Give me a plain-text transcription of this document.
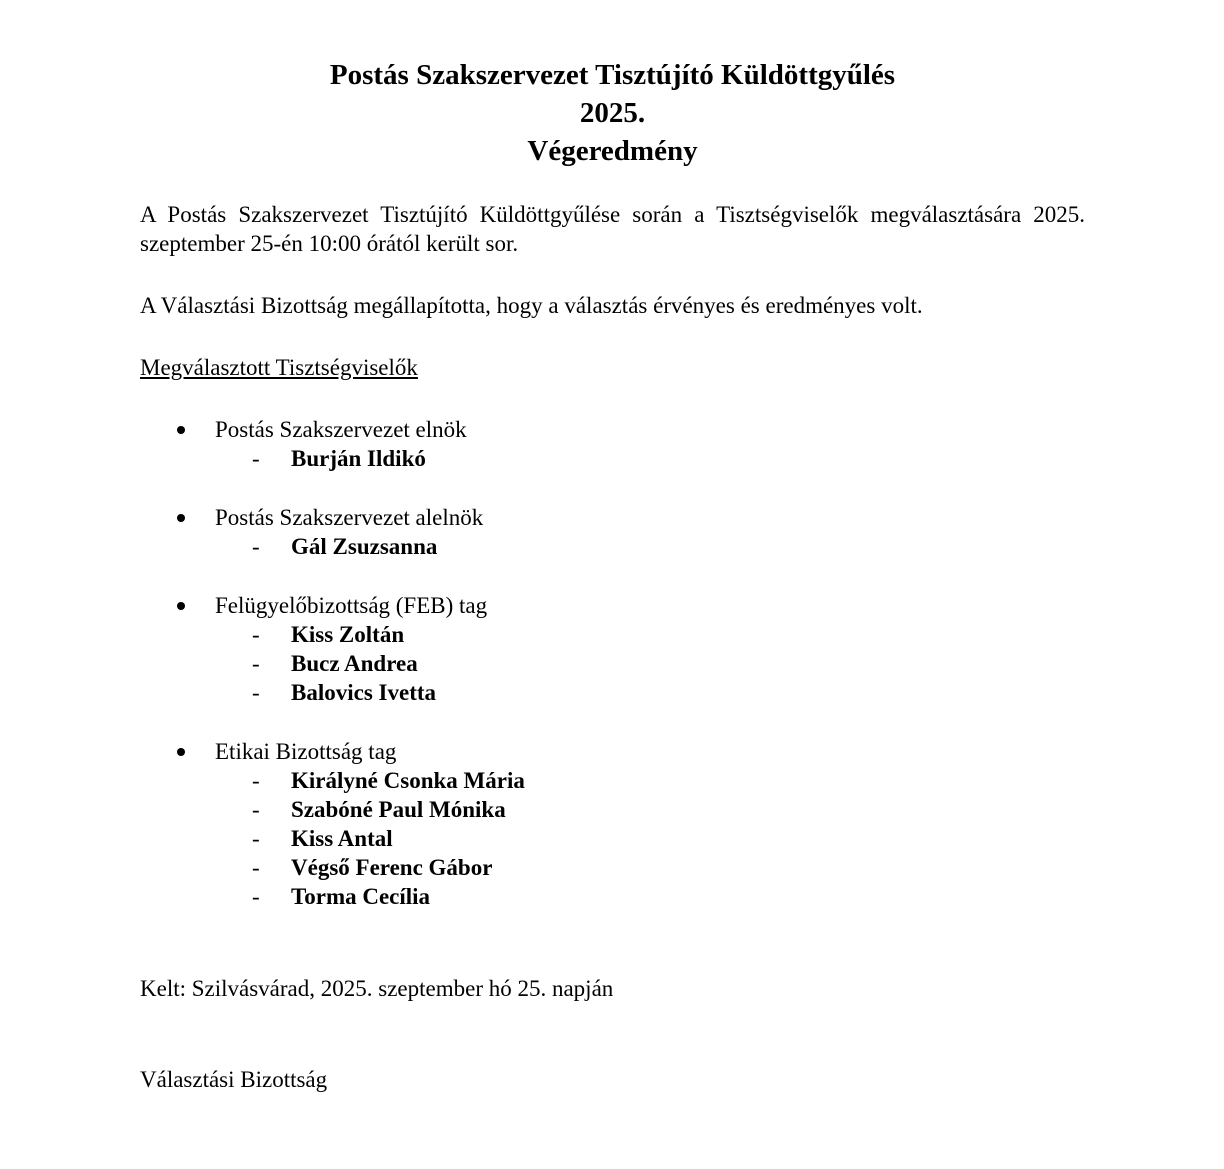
Postás Szakszervezet Tisztújító Küldöttgyűlés
2025.
Végeredmény

A Postás Szakszervezet Tisztújító Küldöttgyűlése során a Tisztségviselők megválasztására 2025. szeptember 25-én 10:00 órától került sor.

A Választási Bizottság megállapította, hogy a választás érvényes és eredményes volt.

Megválasztott Tisztségviselők

Postás Szakszervezet elnök
- Burján Ildikó
Postás Szakszervezet alelnök
- Gál Zsuzsanna
Felügyelőbizottság (FEB) tag
- Kiss Zoltán
- Bucz Andrea
- Balovics Ivetta
Etikai Bizottság tag
- Királyné Csonka Mária
- Szabóné Paul Mónika
- Kiss Antal
- Végső Ferenc Gábor
- Torma Cecília

Kelt: Szilvásvárad, 2025. szeptember hó 25. napján

Választási Bizottság
